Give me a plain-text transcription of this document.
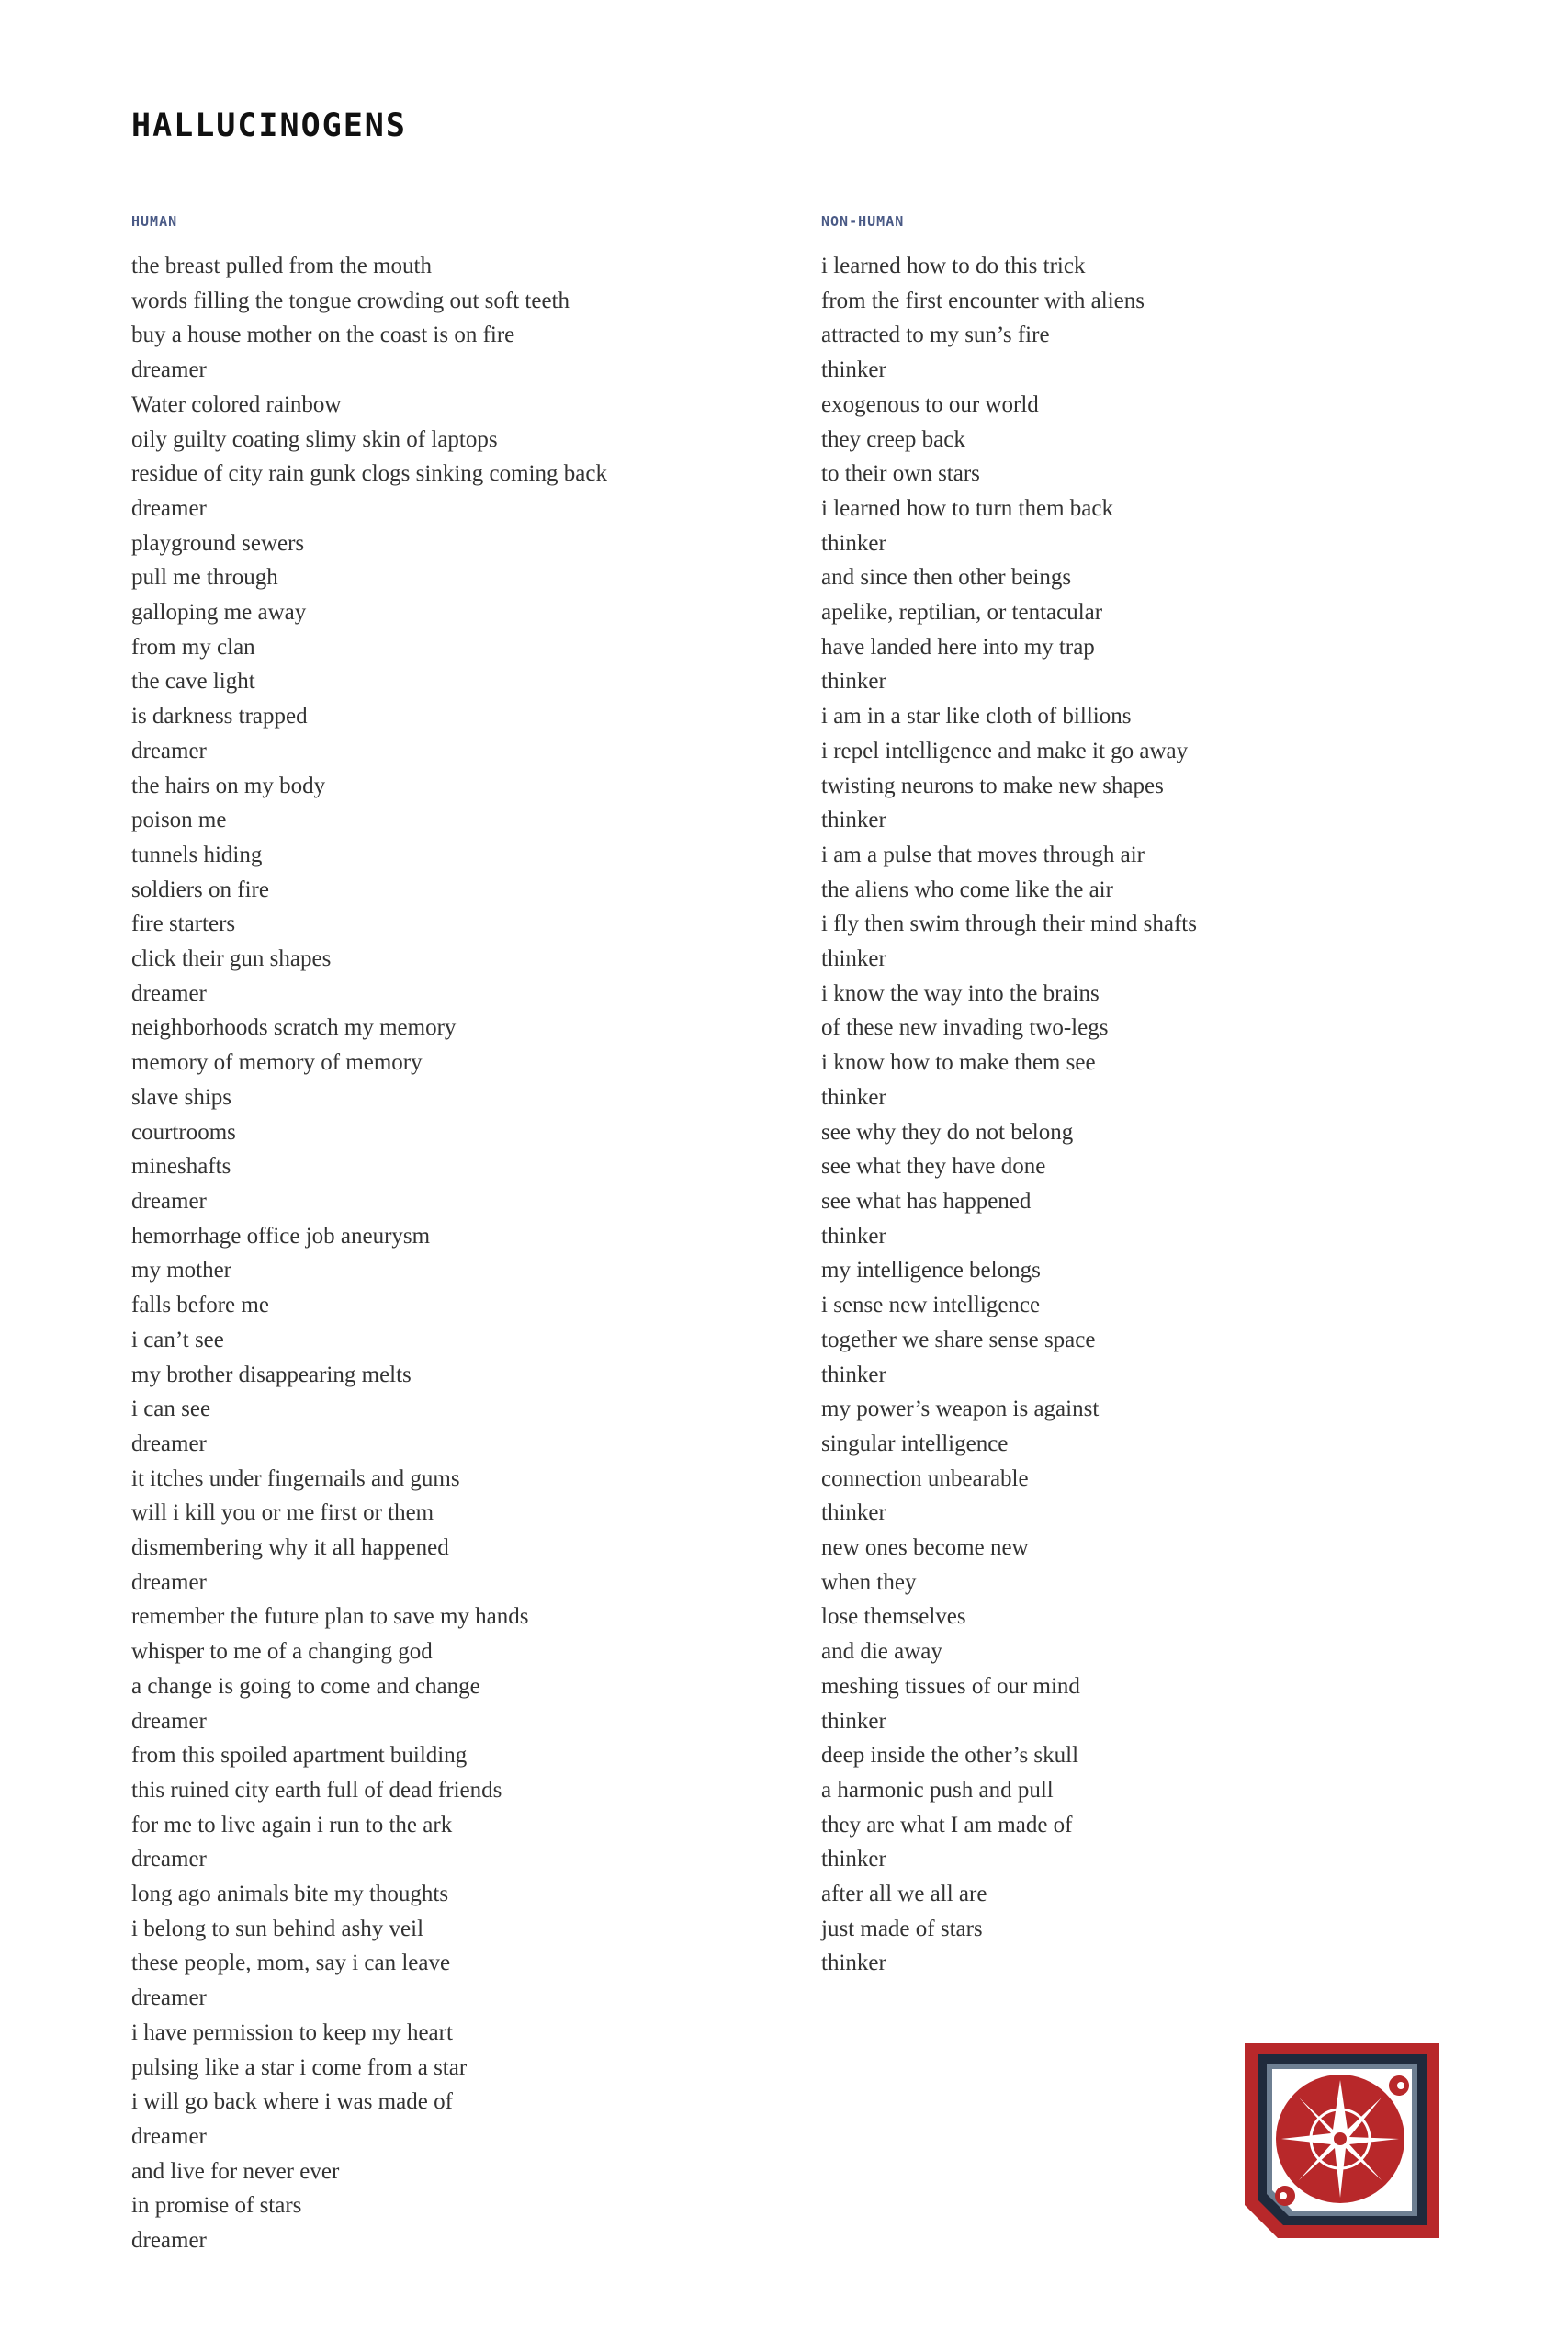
HALLUCINOGENS
HUMAN
the breast pulled from the mouth
words filling the tongue crowding out soft teeth
buy a house mother on the coast is on fire
dreamer
Water colored rainbow
oily guilty coating slimy skin of laptops
residue of city rain gunk clogs sinking coming back
dreamer
playground sewers
pull me through
galloping me away
from my clan
the cave light
is darkness trapped
dreamer
the hairs on my body
poison me
tunnels hiding
soldiers on fire
fire starters
click their gun shapes
dreamer
neighborhoods scratch my memory
memory of memory of memory
slave ships
courtrooms
mineshafts
dreamer
hemorrhage office job aneurysm
my mother
falls before me
i can’t see
my brother disappearing melts
i can see
dreamer
it itches under fingernails and gums
will i kill you or me first or them
dismembering why it all happened
dreamer
remember the future plan to save my hands
whisper to me of a changing god
a change is going to come and change
dreamer
from this spoiled apartment building
this ruined city earth full of dead friends
for me to live again i run to the ark
dreamer
long ago animals bite my thoughts
i belong to sun behind ashy veil
these people, mom, say i can leave
dreamer
i have permission to keep my heart
pulsing like a star i come from a star
i will go back where i was made of
dreamer
and live for never ever
in promise of stars
dreamer
NON-HUMAN
i learned how to do this trick
from the first encounter with aliens
attracted to my sun’s fire
thinker
exogenous to our world
they creep back
to their own stars
i learned how to turn them back
thinker
and since then other beings
apelike, reptilian, or tentacular
have landed here into my trap
thinker
i am in a star like cloth of billions
i repel intelligence and make it go away
twisting neurons to make new shapes
thinker
i am a pulse that moves through air
the aliens who come like the air
i fly then swim through their mind shafts
thinker
i know the way into the brains
of these new invading two-legs
i know how to make them see
thinker
see why they do not belong
see what they have done
see what has happened
thinker
my intelligence belongs
i sense new intelligence
together we share sense space
thinker
my power’s weapon is against
singular intelligence
connection unbearable
thinker
new ones become new
when they
lose themselves
and die away
meshing tissues of our mind
thinker
deep inside the other’s skull
a harmonic push and pull
they are what I am made of
thinker
after all we all are
just made of stars
thinker
